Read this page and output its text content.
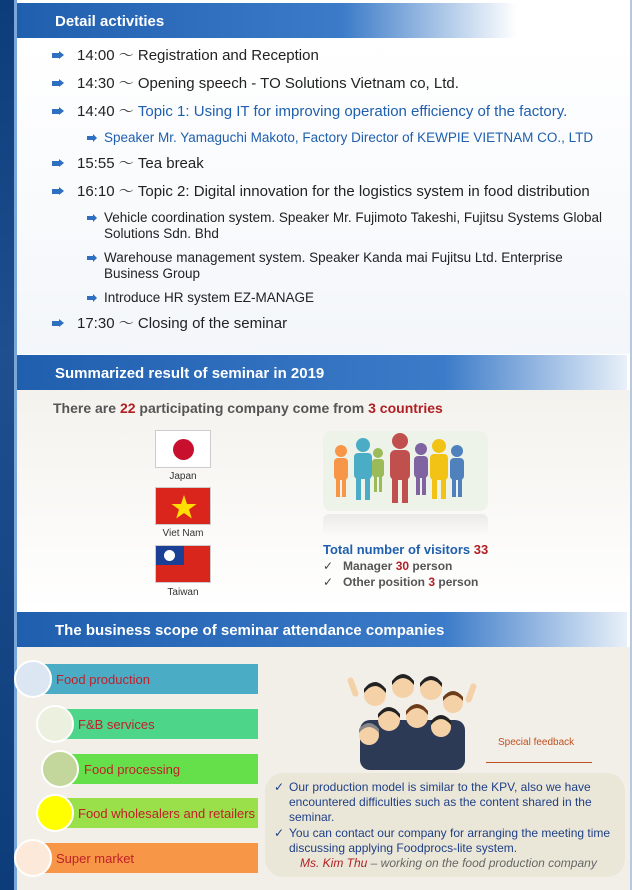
Detail activities
14:00 〜 Registration and Reception
14:30 〜 Opening speech - TO Solutions Vietnam co, Ltd.
14:40 〜 Topic 1: Using IT for improving operation efficiency of the factory.
Speaker Mr. Yamaguchi Makoto, Factory Director of KEWPIE VIETNAM CO., LTD
15:55 〜 Tea break
16:10 〜 Topic 2: Digital innovation for the logistics system in food distribution
Vehicle coordination system. Speaker Mr. Fujimoto Takeshi, Fujitsu Systems Global Solutions Sdn. Bhd
Warehouse management system. Speaker Kanda mai Fujitsu Ltd. Enterprise Business Group
Introduce HR system EZ-MANAGE
17:30 〜 Closing of the seminar
Summarized result of seminar in 2019
There are 22 participating company come from 3 countries
Japan
Viet Nam
Taiwan
Total number of visitors 33
✓ Manager 30 person
✓ Other position 3 person
The business scope of seminar attendance companies
Food production
F&B services
Food processing
Food wholesalers and retailers
Super market
Special feedback
✓ Our production model is similar to the KPV, also we have encountered difficulties such as the content shared in the seminar.
✓ You can contact our company for arranging the meeting time discussing applying Foodprocs-lite system.
Ms. Kim Thu – working on the food production company
